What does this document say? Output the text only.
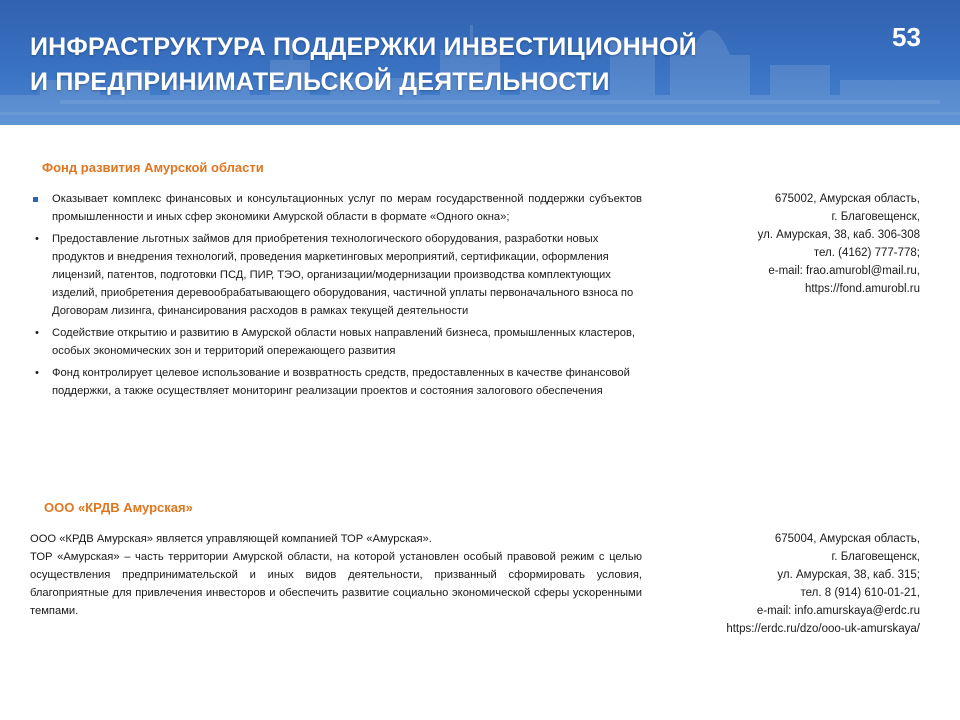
ИНФРАСТРУКТУРА ПОДДЕРЖКИ ИНВЕСТИЦИОННОЙ
И ПРЕДПРИНИМАТЕЛЬСКОЙ ДЕЯТЕЛЬНОСТИ
53
Фонд развития Амурской области
Оказывает комплекс финансовых и консультационных услуг по мерам государственной поддержки субъектов промышленности и иных сфер экономики Амурской области в формате «Одного окна»;
• Предоставление льготных займов для приобретения технологического оборудования, разработки новых продуктов и внедрения технологий, проведения маркетинговых мероприятий, сертификации, оформления лицензий, патентов, подготовки ПСД, ПИР, ТЭО, организации/модернизации производства комплектующих изделий, приобретения деревообрабатывающего оборудования, частичной уплаты первоначального взноса по Договорам лизинга, финансирования расходов в рамках текущей деятельности
• Содействие открытию и развитию в Амурской области новых направлений бизнеса, промышленных кластеров, особых экономических зон и территорий опережающего развития
• Фонд контролирует целевое использование и возвратность средств, предоставленных в качестве финансовой поддержки, а также осуществляет мониторинг реализации проектов и состояния залогового обеспечения
675002, Амурская область,
г. Благовещенск,
ул. Амурская, 38, каб. 306-308
тел. (4162) 777-778;
e-mail: frao.amurobl@mail.ru,
https://fond.amurobl.ru
ООО «КРДВ Амурская»

ООО «КРДВ Амурская» является управляющей компанией ТОР «Амурская».

ТОР «Амурская» – часть территории Амурской области, на которой установлен особый правовой режим с целью осуществления предпринимательской и иных видов деятельности, призванный сформировать условия, благоприятные для привлечения инвесторов и обеспечить развитие социально экономической сферы ускоренными темпами.

675004, Амурская область,
г. Благовещенск,
ул. Амурская, 38, каб. 315;
тел. 8 (914) 610-01-21,
e-mail: info.amurskaya@erdc.ru
https://erdc.ru/dzo/ooo-uk-amurskaya/
